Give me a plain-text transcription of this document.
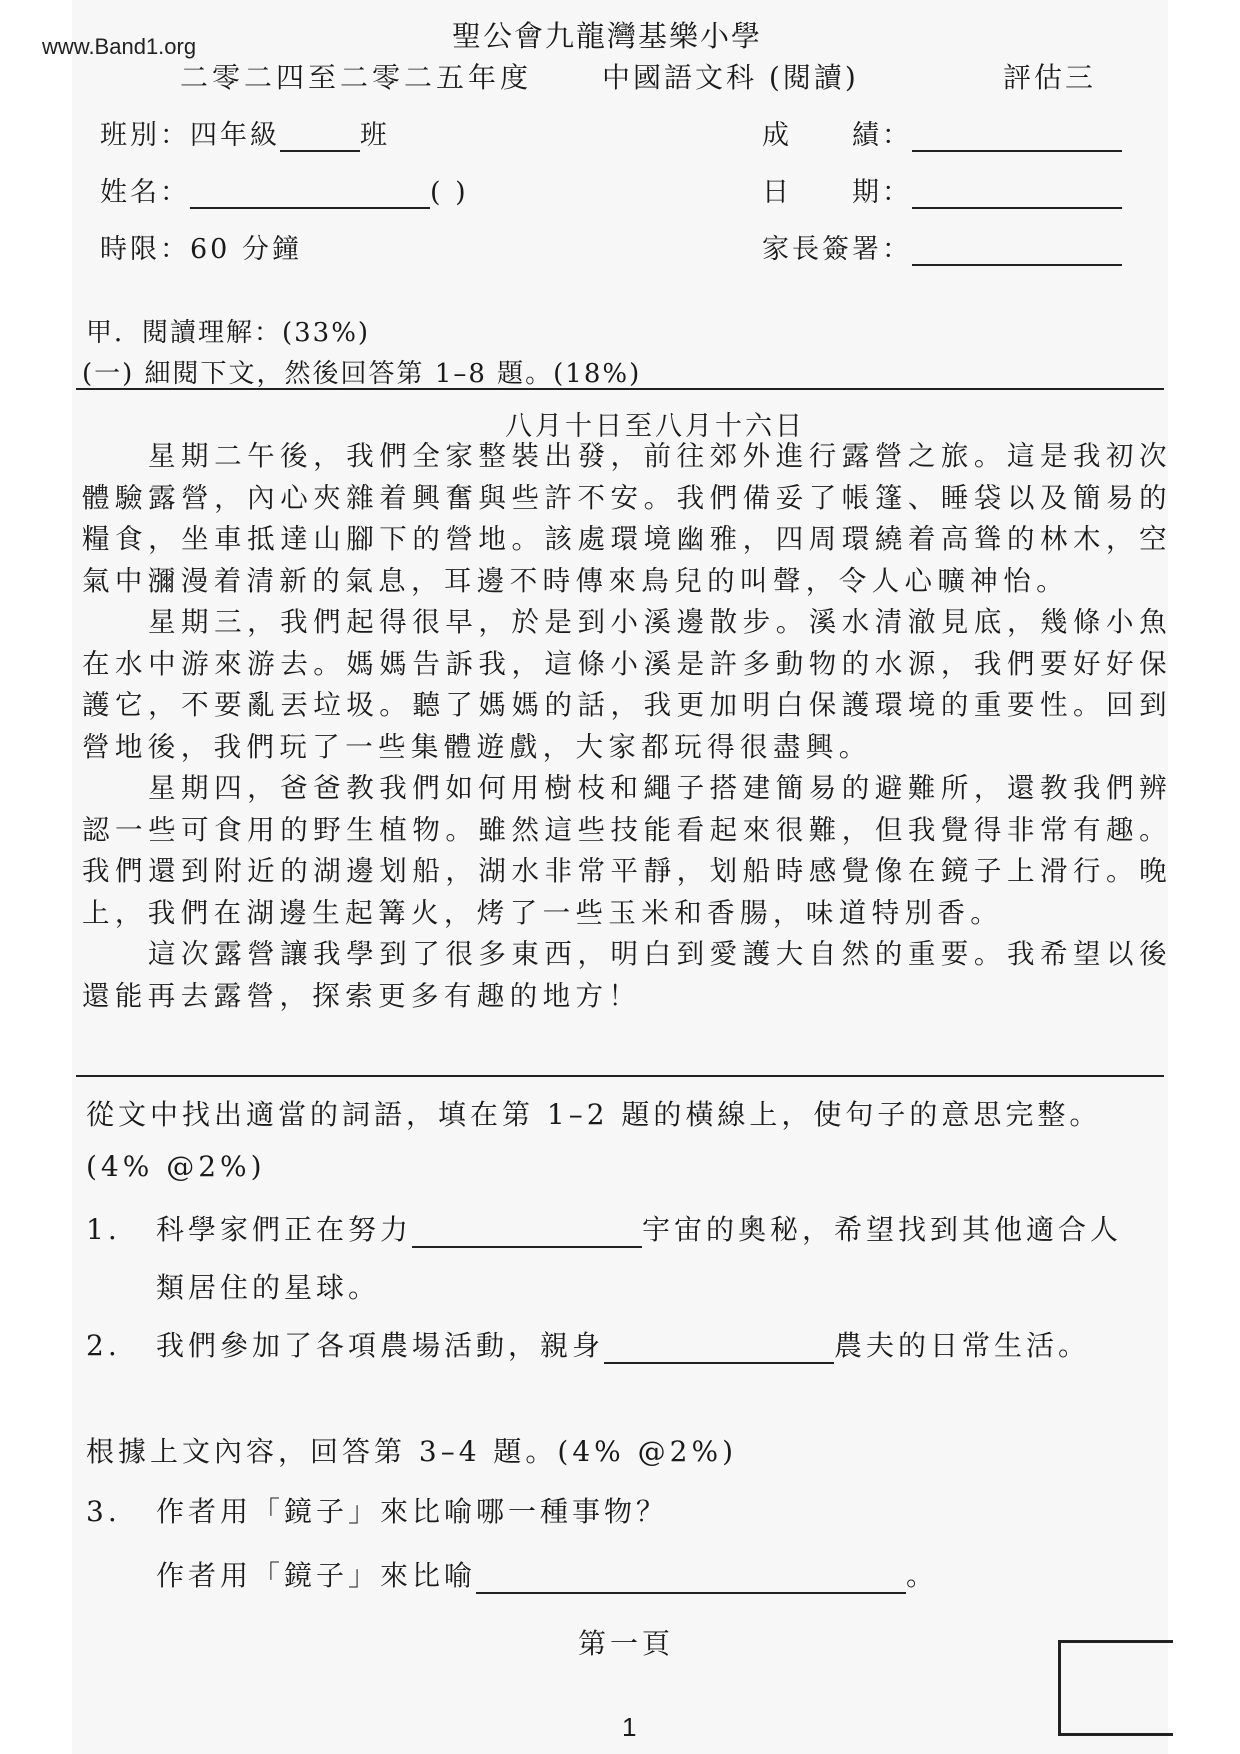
www.Band1.org	聖公會九龍灣基樂小學
二零二四至二零二五年度 中國語文科 (閱讀)	評估三
班別：四年級	班
姓名：	( )
時限：60 分鐘
成　　績：
日　　期：
家長簽署：
甲．閱讀理解：(33%)
(一) 細閱下文，然後回答第 1–8 題。(18%)
八月十日至八月十六日

星期二午後，我們全家整裝出發，前往郊外進行露營之旅。這是我初次體驗露營，內心夾雜着興奮與些許不安。我們備妥了帳篷、睡袋以及簡易的糧食，坐車抵達山腳下的營地。該處環境幽雅，四周環繞着高聳的林木，空氣中瀰漫着清新的氣息，耳邊不時傳來鳥兒的叫聲，令人心曠神怡。

星期三，我們起得很早，於是到小溪邊散步。溪水清澈見底，幾條小魚在水中游來游去。媽媽告訴我，這條小溪是許多動物的水源，我們要好好保護它，不要亂丟垃圾。聽了媽媽的話，我更加明白保護環境的重要性。回到營地後，我們玩了一些集體遊戲，大家都玩得很盡興。

星期四，爸爸教我們如何用樹枝和繩子搭建簡易的避難所，還教我們辨認一些可食用的野生植物。雖然這些技能看起來很難，但我覺得非常有趣。我們還到附近的湖邊划船，湖水非常平靜，划船時感覺像在鏡子上滑行。晚上，我們在湖邊生起篝火，烤了一些玉米和香腸，味道特別香。

這次露營讓我學到了很多東西，明白到愛護大自然的重要。我希望以後還能再去露營，探索更多有趣的地方！

從文中找出適當的詞語，填在第 1–2 題的橫線上，使句子的意思完整。
(4% @2%)
1. 科學家們正在努力	宇宙的奧秘，希望找到其他適合人
類居住的星球。
2. 我們參加了各項農場活動，親身	農夫的日常生活。
根據上文內容，回答第 3–4 題。(4% @2%)
3. 作者用「鏡子」來比喻哪一種事物？
作者用「鏡子」來比喻	。
第一頁
1
